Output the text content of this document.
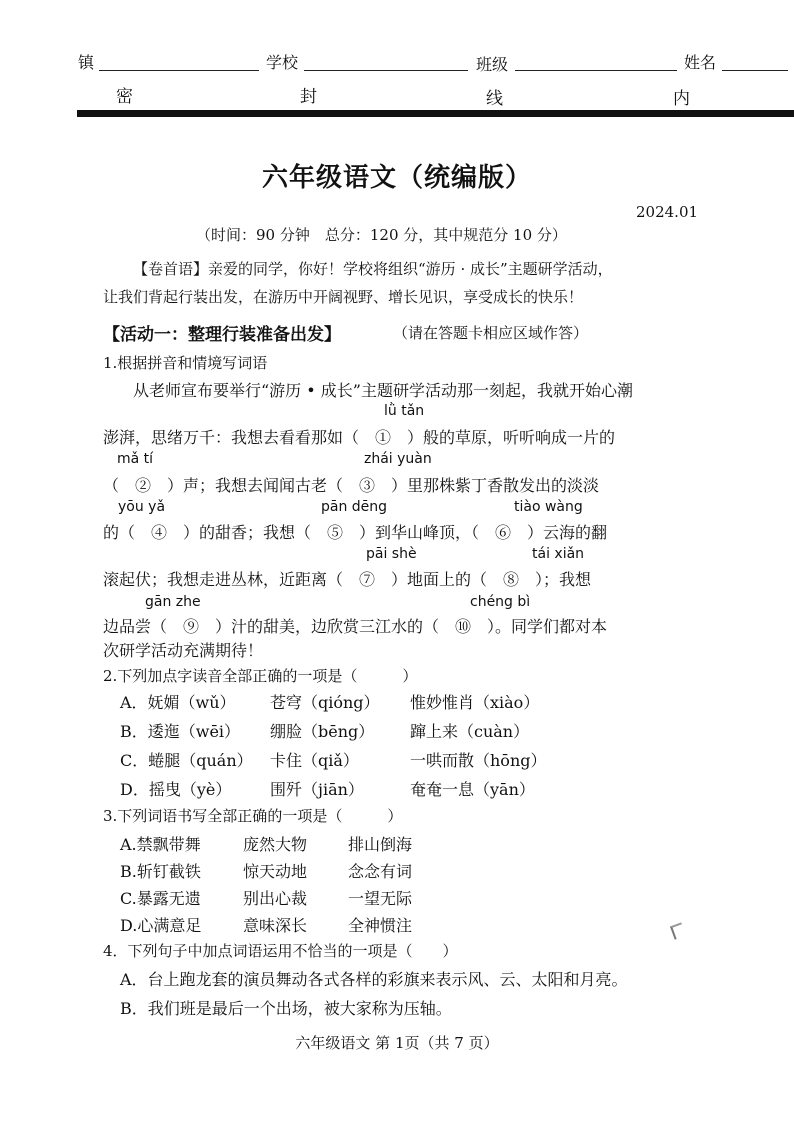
镇	学校	班级	姓名
密	封	线	内
六年级语文（统编版）
2024.01
（时间：90 分钟　总分：120 分，其中规范分 10 分）
【卷首语】亲爱的同学，你好！学校将组织“游历 · 成长”主题研学活动，
让我们背起行装出发，在游历中开阔视野、增长见识，享受成长的快乐！
【活动一：整理行装准备出发】	（请在答题卡相应区域作答）
1.根据拼音和情境写词语
从老师宣布要举行“游历 • 成长”主题研学活动那一刻起，我就开始心潮
lǜ tǎn
澎湃，思绪万千：我想去看看那如（　①　）般的草原，听听响成一片的
mǎ tí	zhái yuàn
（　②　）声；我想去闻闻古老（　③　）里那株紫丁香散发出的淡淡
yōu yǎ	pān dēng	tiào wàng
的（　④　）的甜香；我想（　⑤　）到华山峰顶，（　⑥　）云海的翻
pāi shè	tái xiǎn
滚起伏；我想走进丛林，近距离（　⑦　）地面上的（　⑧　）；我想
gān zhe	chéng bì
边品尝（　⑨　）汁的甜美，边欣赏三江水的（　⑩　）。同学们都对本
次研学活动充满期待！
2.下列加点字读音全部正确的一项是（　　　）
A．妩媚（wǔ） 苍穹（qióng） 惟妙惟肖（xiào）
B．逶迤（wēi） 绷脸（bēng） 蹿上来（cuàn）
C．蜷腿（quán） 卡住（qiǎ）	一哄而散（hōng）
D．摇曳（yè） 围歼（jiān）	奄奄一息（yān）
3.下列词语书写全部正确的一项是（　　　）
A.禁飘带舞	庞然大物	排山倒海
B.斩钉截铁	惊天动地	念念有词
C.暴露无遗	别出心裁	一望无际
D.心满意足	意味深长	全神惯注
4．下列句子中加点词语运用不恰当的一项是（　　）
A．台上跑龙套的演员舞动各式各样的彩旗来表示风、云、太阳和月亮。
B．我们班是最后一个出场，被大家称为压轴。
六年级语文 第 1页（共 7 页）
